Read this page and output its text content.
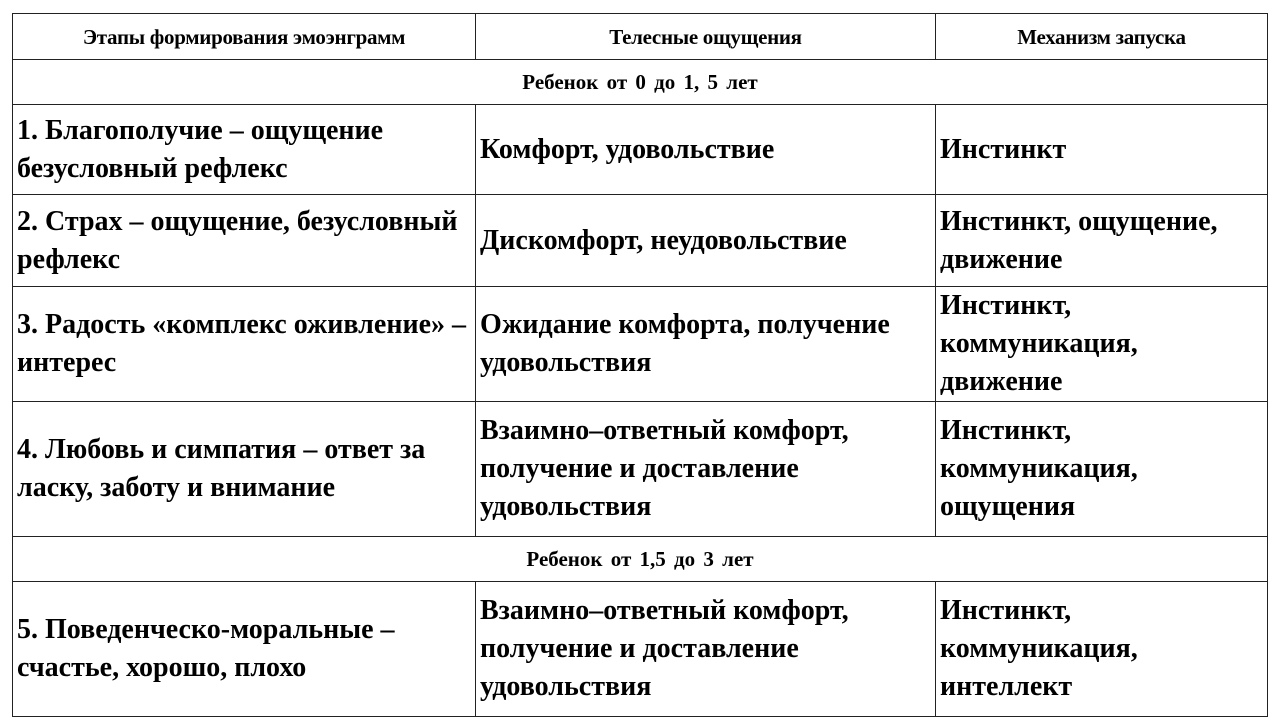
Этапы формирования эмоэнграмм	Телесные ощущения	Механизм запуска
Ребенок от 0 до 1, 5 лет		

1. Благополучие – ощущение безусловный рефлекс	Комфорт, удовольствие	Инстинкт

2. Страх – ощущение, безусловный рефлекс	Дискомфорт, неудовольствие	Инстинкт, ощущение, движение

3. Радость «комплекс оживление» – интерес	Ожидание комфорта, получение удовольствия	Инстинкт, коммуникация, движение

4. Любовь и симпатия – ответ за ласку, заботу и внимание	Взаимно–ответный комфорт, получение и доставление удовольствия	Инстинкт, коммуникация, ощущения

Ребенок от 1,5 до 3 лет		

5. Поведенческо-моральные – счастье, хорошо, плохо	Взаимно–ответный комфорт, получение и доставление удовольствия	Инстинкт, коммуникация, интеллект
